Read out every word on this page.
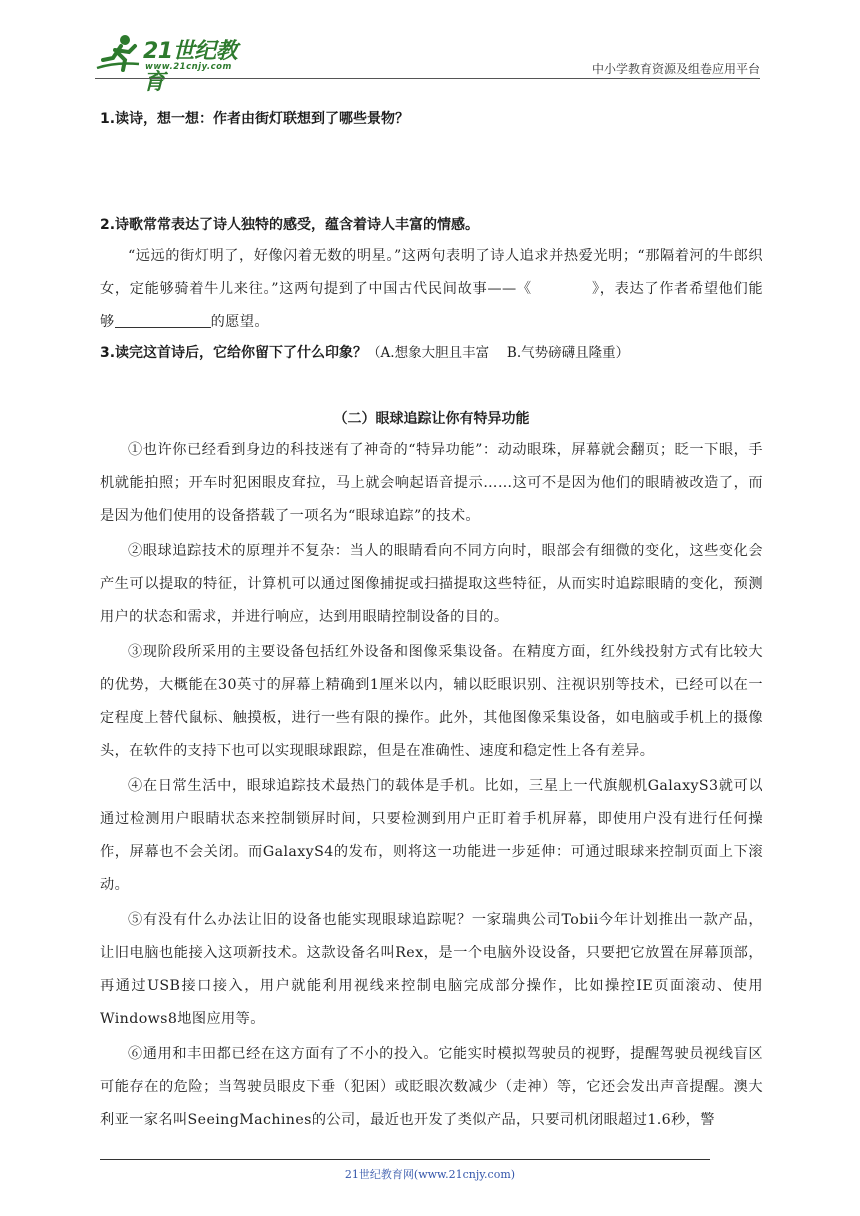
21世纪教育
www.21cnjy.com	中小学教育资源及组卷应用平台

1.读诗，想一想：作者由街灯联想到了哪些景物？

2.诗歌常常表达了诗人独特的感受，蕴含着诗人丰富的情感。

“远远的街灯明了，好像闪着无数的明星。”这两句表明了诗人追求并热爱光明；“那隔着河的牛郎织女，定能够骑着牛儿来往。”这两句提到了中国古代民间故事——《	》，表达了作者希望他们能够	的愿望。

3.读完这首诗后，它给你留下了什么印象？（A.想象大胆且丰富　 B.气势磅礴且隆重）

（二）眼球追踪让你有特异功能

①也许你已经看到身边的科技迷有了神奇的“特异功能”：动动眼珠，屏幕就会翻页；眨一下眼，手机就能拍照；开车时犯困眼皮耷拉，马上就会响起语音提示……这可不是因为他们的眼睛被改造了，而是因为他们使用的设备搭载了一项名为“眼球追踪”的技术。

②眼球追踪技术的原理并不复杂：当人的眼睛看向不同方向时，眼部会有细微的变化，这些变化会产生可以提取的特征，计算机可以通过图像捕捉或扫描提取这些特征，从而实时追踪眼睛的变化，预测用户的状态和需求，并进行响应，达到用眼睛控制设备的目的。

③现阶段所采用的主要设备包括红外设备和图像采集设备。在精度方面，红外线投射方式有比较大的优势，大概能在30英寸的屏幕上精确到1厘米以内，辅以眨眼识别、注视识别等技术，已经可以在一定程度上替代鼠标、触摸板，进行一些有限的操作。此外，其他图像采集设备，如电脑或手机上的摄像头，在软件的支持下也可以实现眼球跟踪，但是在准确性、速度和稳定性上各有差异。

④在日常生活中，眼球追踪技术最热门的载体是手机。比如，三星上一代旗舰机GalaxyS3就可以通过检测用户眼睛状态来控制锁屏时间，只要检测到用户正盯着手机屏幕，即使用户没有进行任何操作，屏幕也不会关闭。而GalaxyS4的发布，则将这一功能进一步延伸：可通过眼球来控制页面上下滚动。

⑤有没有什么办法让旧的设备也能实现眼球追踪呢？一家瑞典公司Tobii今年计划推出一款产品，让旧电脑也能接入这项新技术。这款设备名叫Rex，是一个电脑外设设备，只要把它放置在屏幕顶部，再通过USB接口接入，用户就能利用视线来控制电脑完成部分操作，比如操控IE页面滚动、使用Windows8地图应用等。

⑥通用和丰田都已经在这方面有了不小的投入。它能实时模拟驾驶员的视野，提醒驾驶员视线盲区可能存在的危险；当驾驶员眼皮下垂（犯困）或眨眼次数减少（走神）等，它还会发出声音提醒。澳大利亚一家名叫SeeingMachines的公司，最近也开发了类似产品，只要司机闭眼超过1.6秒，警

21世纪教育网(www.21cnjy.com)
